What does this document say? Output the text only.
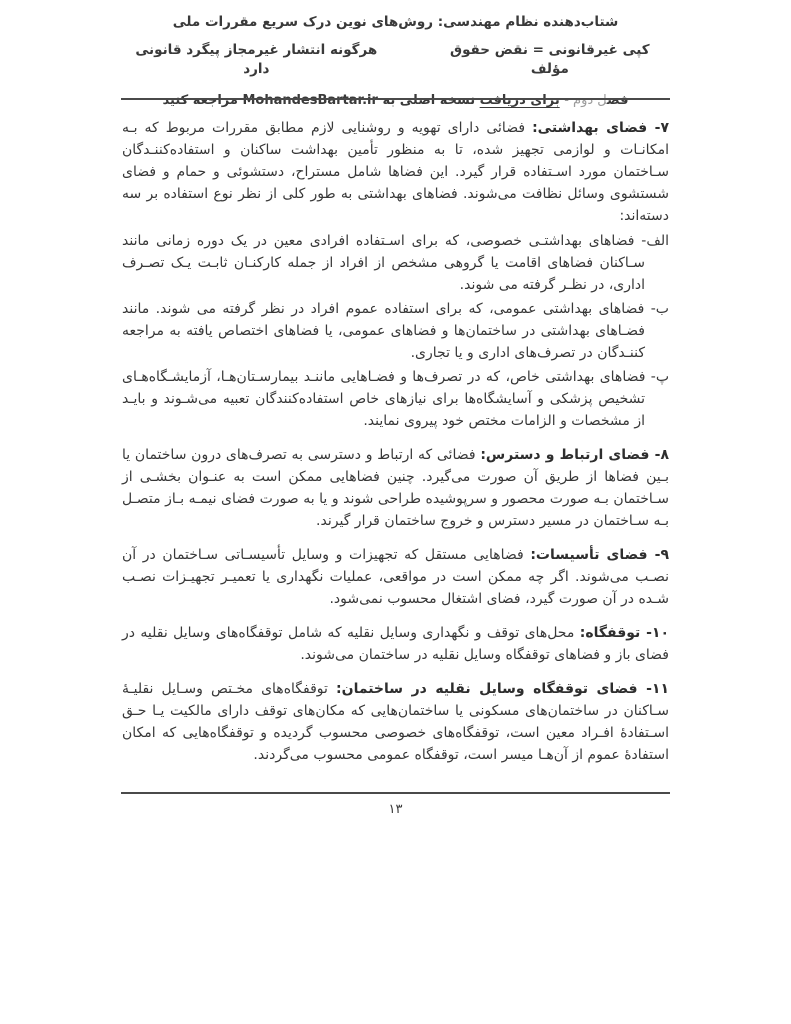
شتاب‌دهنده نظام مهندسی: روش‌های نوین درک سریع مقررات ملی
کپی غیرقانونی = نقض حقوق مؤلف
هرگونه انتشار غیرمجاز پیگرد قانونی دارد
فصل دوم - برای دریافت نسخه اصلی به MohandesBartar.ir مراجعه کنید

۷- فضای بهداشتی: فضائی دارای تهویه و روشنایی لازم مطابق مقررات مربوط که بـه امکانـات و لوازمی تجهیز شده، تا به منظور تأمین بهداشت ساکنان و استفاده‌کننـدگان سـاختمان مورد اسـتفاده قرار گیرد. این فضاها شامل مستراح، دستشوئی و حمام و فضای شستشوی وسائل نظافت می‌شوند. فضاهای بهداشتی به طور کلی از نظر نوع استفاده بر سه دسته‌اند:

الف- فضاهای بهداشتـی خصوصی، که برای اسـتفاده افرادی معین در یک دوره زمانی مانند سـاکنان فضاهای اقامت یا گروهی مشخص از افراد از جمله کارکنـان ثابـت یـک تصـرف اداری، در نظـر گرفته می شوند.

ب- فضاهای بهداشتی عمومی، که برای استفاده عموم افراد در نظر گرفته می شوند. مانند فضـاهای بهداشتی در ساختمان‌ها و فضاهای عمومی، یا فضاهای اختصاص یافته به مراجعه کننـدگان در تصرف‌های اداری و یا تجاری.

پ- فضاهای بهداشتی خاص، که در تصرف‌ها و فضـاهایی ماننـد بیمارسـتان‌هـا، آزمایشـگاه‌هـای تشخیص پزشکی و آسایشگاه‌ها برای نیازهای خاص استفاده‌کنندگان تعبیه می‌شـوند و بایـد از مشخصات و الزامات مختص خود پیروی نمایند.

۸- فضای ارتباط و دسترس: فضائی که ارتباط و دسترسی به تصرف‌های درون ساختمان یا بـین فضاها از طریق آن صورت می‌گیرد. چنین فضاهایی ممکن است به عنـوان بخشـی از سـاختمان بـه صورت محصور و سرپوشیده طراحی شوند و یا به صورت فضای نیمـه بـاز متصـل بـه سـاختمان در مسیر دسترس و خروج ساختمان قرار گیرند.

۹- فضای تأسیسات: فضاهایی مستقل که تجهیزات و وسایل تأسیسـاتی سـاختمان در آن نصـب می‌شوند. اگر چه ممکن است در مواقعی، عملیات نگهداری یا تعمیـر تجهیـزات نصـب شـده در آن صورت گیرد، فضای اشتغال محسوب نمی‌شود.

۱۰- توقفگاه: محل‌های توقف و نگهداری وسایل نقلیه که شامل توقفگاه‌های وسایل نقلیه در فضای باز و فضاهای توقفگاه وسایل نقلیه در ساختمان می‌شوند.

۱۱- فضای توقفگاه وسایل نقلیه در ساختمان: توقفگاه‌های مخـتص وسـایل نقلیـۀ سـاکنان در ساختمان‌های مسکونی یا ساختمان‌هایی که مکان‌های توقف دارای مالکیت یـا حـق اسـتفادۀ افـراد معین است، توقفگاه‌های خصوصی محسوب گردیده و توقفگاه‌هایی که امکان استفادۀ عموم از آن‌هـا میسر است، توقفگاه عمومی محسوب می‌گردند.

۱۳
